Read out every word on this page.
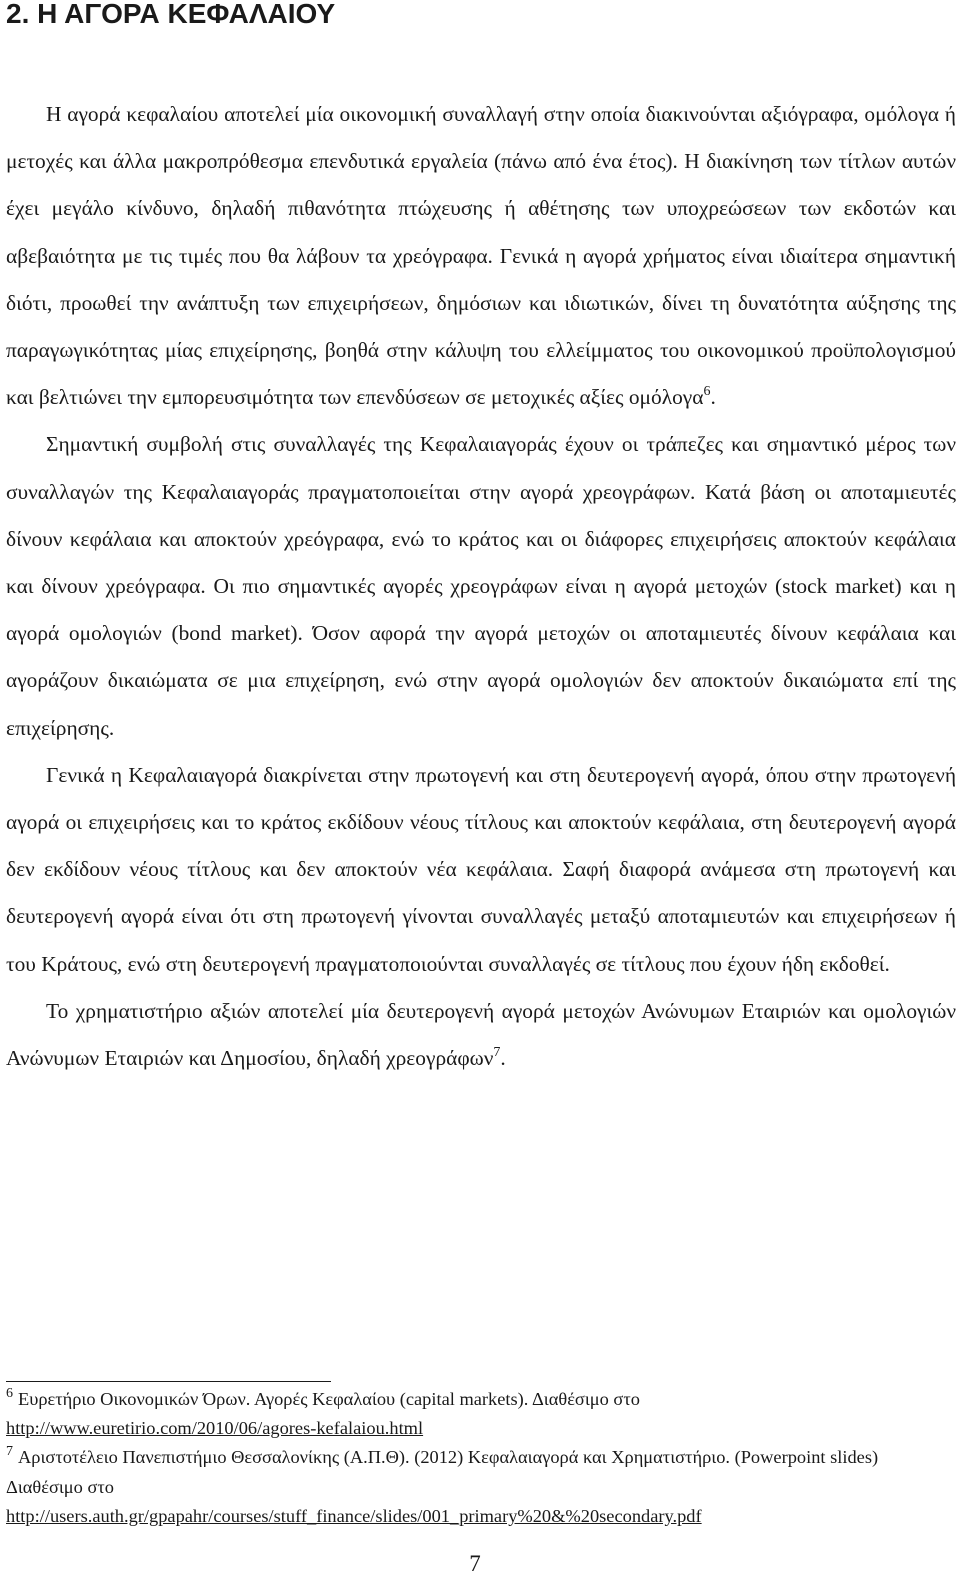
2. Η ΑΓΟΡΑ ΚΕΦΑΛΑΙΟΥ

Η αγορά κεφαλαίου αποτελεί μία οικονομική συναλλαγή στην οποία διακινούνται αξιόγραφα, ομόλογα ή μετοχές και άλλα μακροπρόθεσμα επενδυτικά εργαλεία (πάνω από ένα έτος). Η διακίνηση των τίτλων αυτών έχει μεγάλο κίνδυνο, δηλαδή πιθανότητα πτώχευσης ή αθέτησης των υποχρεώσεων των εκδοτών και αβεβαιότητα με τις τιμές που θα λάβουν τα χρεόγραφα. Γενικά η αγορά χρήματος είναι ιδιαίτερα σημαντική διότι, προωθεί την ανάπτυξη των επιχειρήσεων, δημόσιων και ιδιωτικών, δίνει τη δυνατότητα αύξησης της παραγωγικότητας μίας επιχείρησης, βοηθά στην κάλυψη του ελλείμματος του οικονομικού προϋπολογισμού και βελτιώνει την εμπορευσιμότητα των επενδύσεων σε μετοχικές αξίες ομόλογα$^6$.

Σημαντική συμβολή στις συναλλαγές της Κεφαλαιαγοράς έχουν οι τράπεζες και σημαντικό μέρος των συναλλαγών της Κεφαλαιαγοράς πραγματοποιείται στην αγορά χρεογράφων. Κατά βάση οι αποταμιευτές δίνουν κεφάλαια και αποκτούν χρεόγραφα, ενώ το κράτος και οι διάφορες επιχειρήσεις αποκτούν κεφάλαια και δίνουν χρεόγραφα. Οι πιο σημαντικές αγορές χρεογράφων είναι η αγορά μετοχών (stock market) και η αγορά ομολογιών (bond market). Όσον αφορά την αγορά μετοχών οι αποταμιευτές δίνουν κεφάλαια και αγοράζουν δικαιώματα σε μια επιχείρηση, ενώ στην αγορά ομολογιών δεν αποκτούν δικαιώματα επί της επιχείρησης.

Γενικά η Κεφαλαιαγορά διακρίνεται στην πρωτογενή και στη δευτερογενή αγορά, όπου στην πρωτογενή αγορά οι επιχειρήσεις και το κράτος εκδίδουν νέους τίτλους και αποκτούν κεφάλαια, στη δευτερογενή αγορά δεν εκδίδουν νέους τίτλους και δεν αποκτούν νέα κεφάλαια. Σαφή διαφορά ανάμεσα στη πρωτογενή και δευτερογενή αγορά είναι ότι στη πρωτογενή γίνονται συναλλαγές μεταξύ αποταμιευτών και επιχειρήσεων ή του Κράτους, ενώ στη δευτερογενή πραγματοποιούνται συναλλαγές σε τίτλους που έχουν ήδη εκδοθεί.

Το χρηματιστήριο αξιών αποτελεί μία δευτερογενή αγορά μετοχών Ανώνυμων Εταιριών και ομολογιών Ανώνυμων Εταιριών και Δημοσίου, δηλαδή χρεογράφων$^7$.

$^6$ Ευρετήριο Οικονομικών Όρων. Αγορές Κεφαλαίου (capital markets). Διαθέσιμο στο
http://www.euretirio.com/2010/06/agores-kefalaiou.html

$^7$ Αριστοτέλειο Πανεπιστήμιο Θεσσαλονίκης (Α.Π.Θ). (2012) Κεφαλαιαγορά και Χρηματιστήριο. (Powerpoint slides) Διαθέσιμο στο
http://users.auth.gr/gpapahr/courses/stuff_finance/slides/001_primary%20&%20secondary.pdf

7
